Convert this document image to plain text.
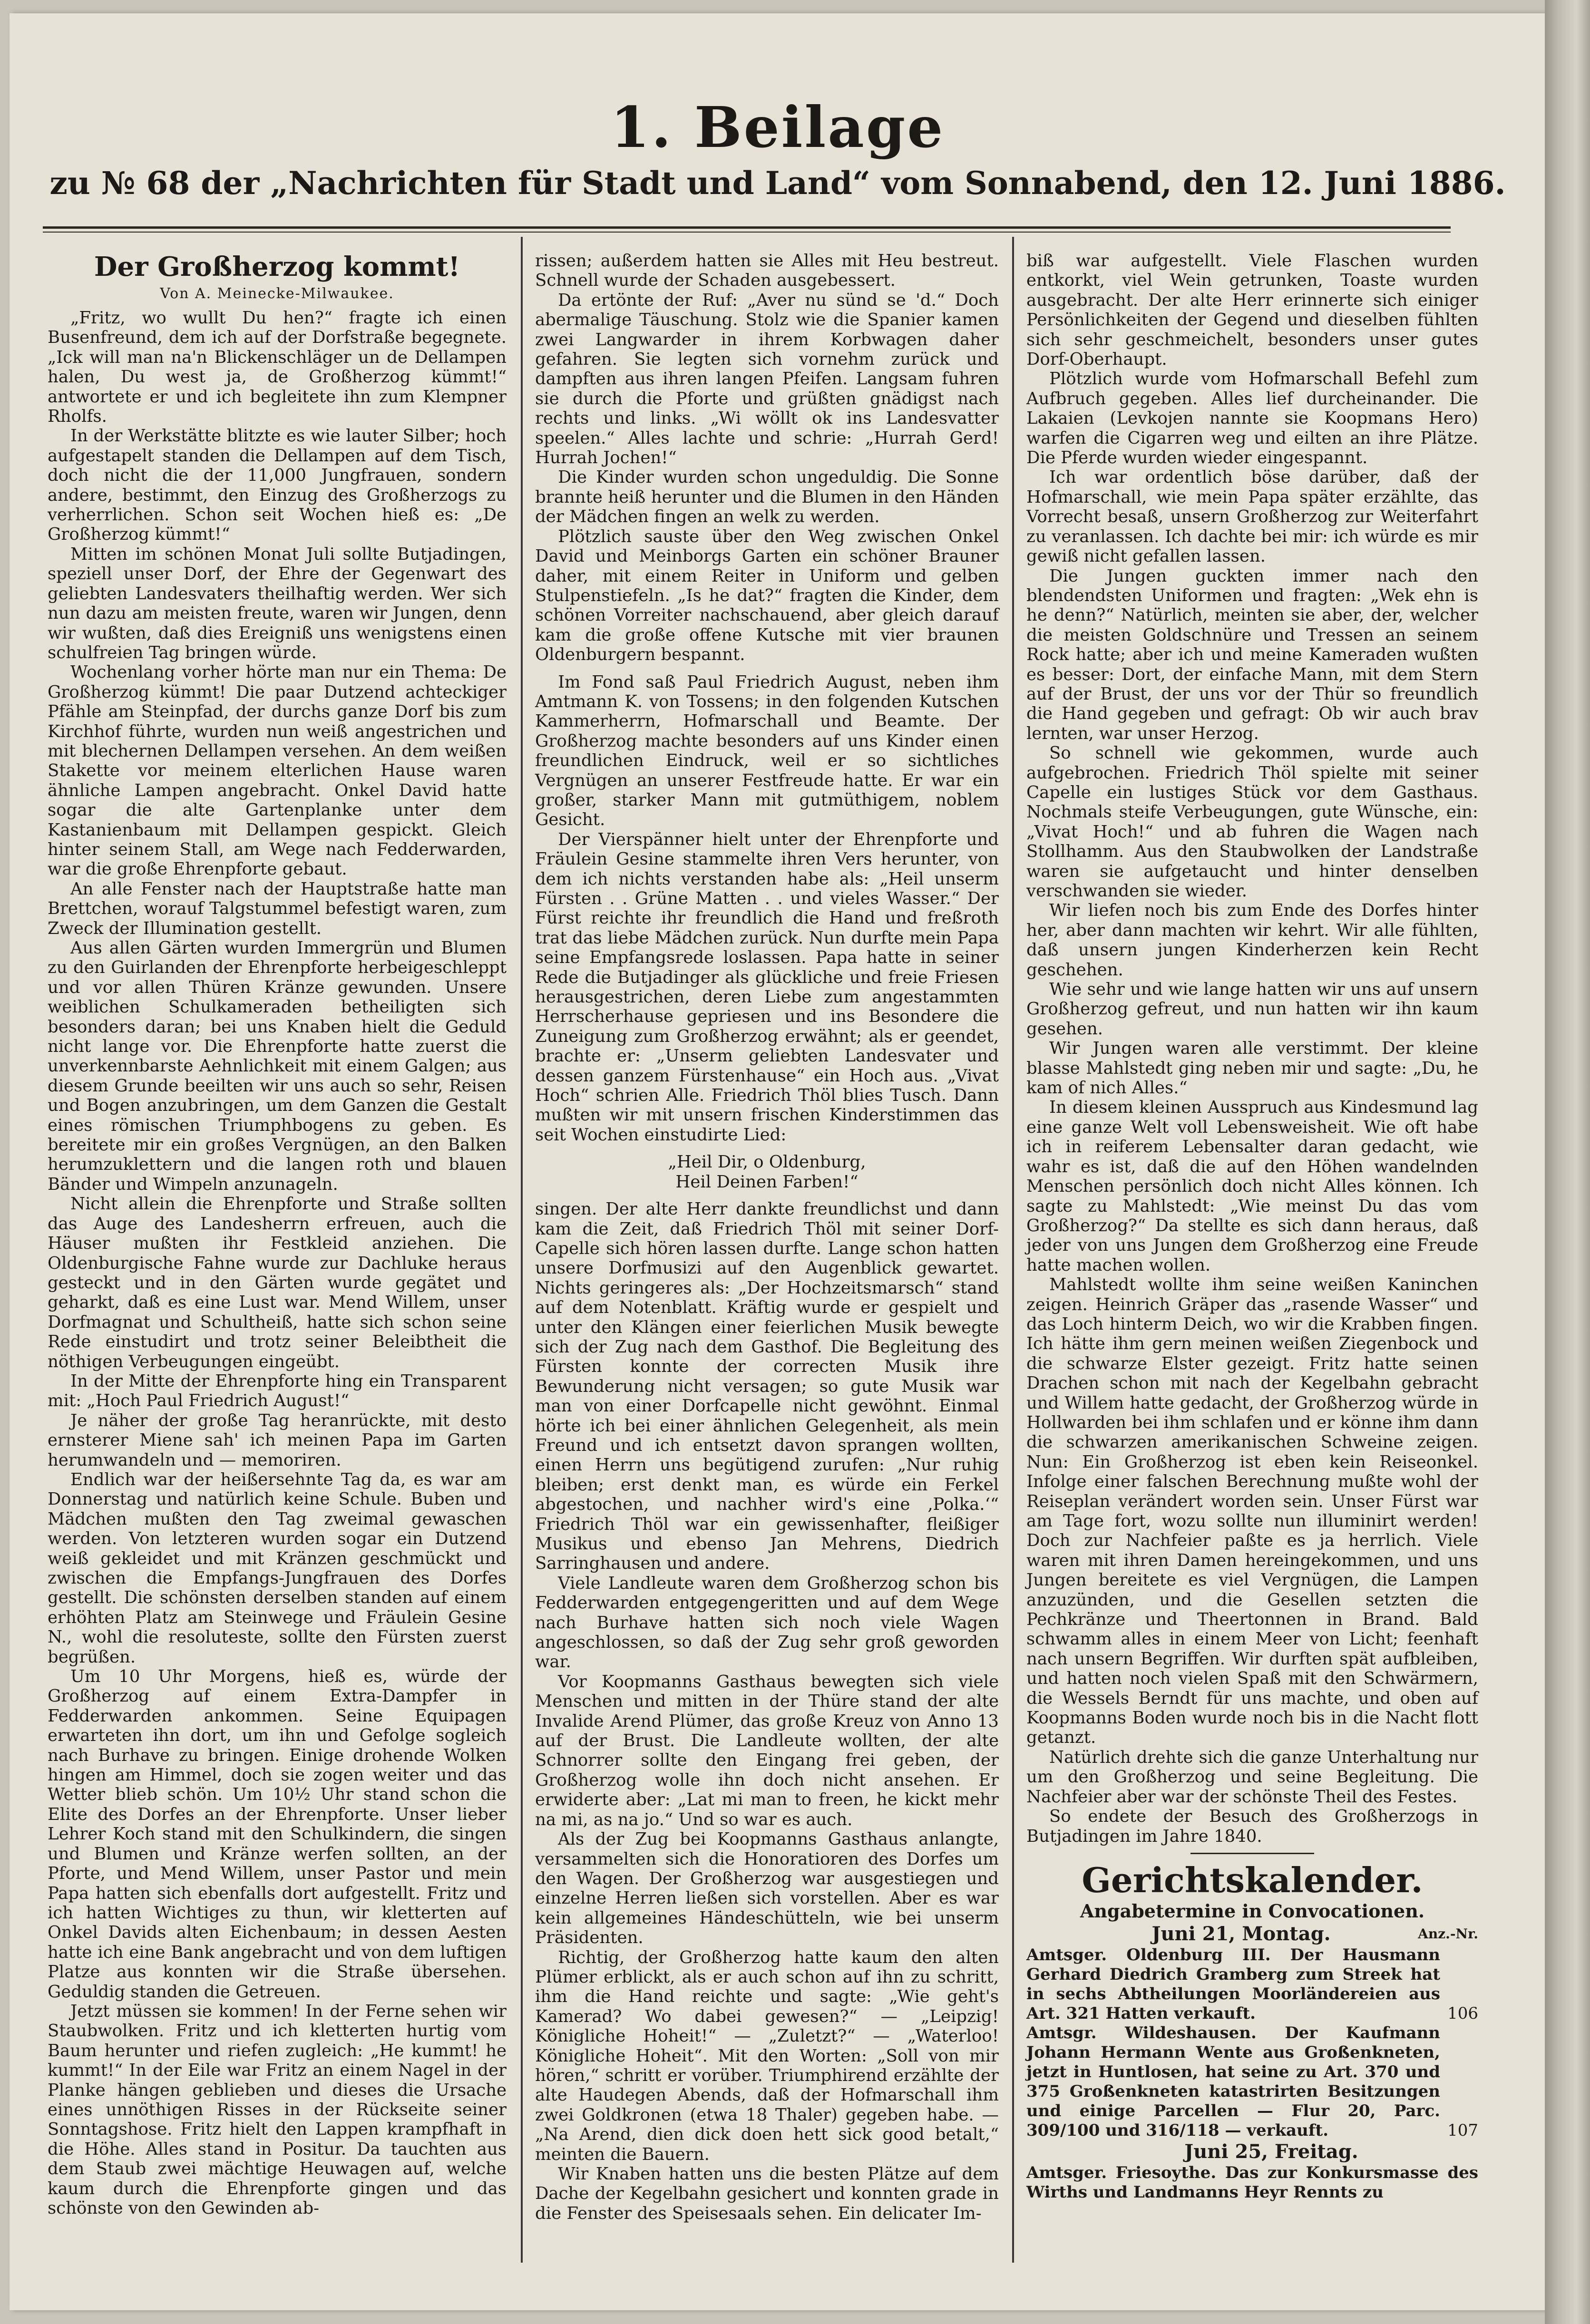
1. Beilage
zu № 68 der „Nachrichten für Stadt und Land“ vom Sonnabend, den 12. Juni 1886.
Der Großherzog kommt!
Von A. Meinecke-Milwaukee.

„Fritz, wo wullt Du hen?“ fragte ich einen Busenfreund, dem ich auf der Dorfstraße begegnete. „Ick will man na'n Blickenschläger un de Dellampen halen, Du west ja, de Großherzog kümmt!“ antwortete er und ich begleitete ihn zum Klempner Rholfs.

In der Werkstätte blitzte es wie lauter Silber; hoch aufgestapelt standen die Dellampen auf dem Tisch, doch nicht die der 11,000 Jungfrauen, sondern andere, bestimmt, den Einzug des Großherzogs zu verherrlichen. Schon seit Wochen hieß es: „De Großherzog kümmt!“

Mitten im schönen Monat Juli sollte Butjadingen, speziell unser Dorf, der Ehre der Gegenwart des geliebten Landesvaters theilhaftig werden. Wer sich nun dazu am meisten freute, waren wir Jungen, denn wir wußten, daß dies Ereigniß uns wenigstens einen schulfreien Tag bringen würde.

Wochenlang vorher hörte man nur ein Thema: De Großherzog kümmt! Die paar Dutzend achteckiger Pfähle am Steinpfad, der durchs ganze Dorf bis zum Kirchhof führte, wurden nun weiß angestrichen und mit blechernen Dellampen versehen. An dem weißen Stakette vor meinem elterlichen Hause waren ähnliche Lampen angebracht. Onkel David hatte sogar die alte Gartenplanke unter dem Kastanienbaum mit Dellampen gespickt. Gleich hinter seinem Stall, am Wege nach Fedderwarden, war die große Ehrenpforte gebaut.

An alle Fenster nach der Hauptstraße hatte man Brettchen, worauf Talgstummel befestigt waren, zum Zweck der Illumination gestellt.

Aus allen Gärten wurden Immergrün und Blumen zu den Guirlanden der Ehrenpforte herbeigeschleppt und vor allen Thüren Kränze gewunden. Unsere weiblichen Schulkameraden betheiligten sich besonders daran; bei uns Knaben hielt die Geduld nicht lange vor. Die Ehrenpforte hatte zuerst die unverkennbarste Aehnlichkeit mit einem Galgen; aus diesem Grunde beeilten wir uns auch so sehr, Reisen und Bogen anzubringen, um dem Ganzen die Gestalt eines römischen Triumphbogens zu geben. Es bereitete mir ein großes Vergnügen, an den Balken herumzuklettern und die langen roth und blauen Bänder und Wimpeln anzunageln.

Nicht allein die Ehrenpforte und Straße sollten das Auge des Landesherrn erfreuen, auch die Häuser mußten ihr Festkleid anziehen. Die Oldenburgische Fahne wurde zur Dachluke heraus gesteckt und in den Gärten wurde gegätet und geharkt, daß es eine Lust war. Mend Willem, unser Dorfmagnat und Schultheiß, hatte sich schon seine Rede einstudirt und trotz seiner Beleibtheit die nöthigen Verbeugungen eingeübt.

In der Mitte der Ehrenpforte hing ein Transparent mit: „Hoch Paul Friedrich August!“

Je näher der große Tag heranrückte, mit desto ernsterer Miene sah' ich meinen Papa im Garten herumwandeln und — memoriren.

Endlich war der heißersehnte Tag da, es war am Donnerstag und natürlich keine Schule. Buben und Mädchen mußten den Tag zweimal gewaschen werden. Von letzteren wurden sogar ein Dutzend weiß gekleidet und mit Kränzen geschmückt und zwischen die Empfangs-Jungfrauen des Dorfes gestellt. Die schönsten derselben standen auf einem erhöhten Platz am Steinwege und Fräulein Gesine N., wohl die resoluteste, sollte den Fürsten zuerst begrüßen.

Um 10 Uhr Morgens, hieß es, würde der Großherzog auf einem Extra-Dampfer in Fedderwarden ankommen. Seine Equipagen erwarteten ihn dort, um ihn und Gefolge sogleich nach Burhave zu bringen. Einige drohende Wolken hingen am Himmel, doch sie zogen weiter und das Wetter blieb schön. Um 10½ Uhr stand schon die Elite des Dorfes an der Ehrenpforte. Unser lieber Lehrer Koch stand mit den Schulkindern, die singen und Blumen und Kränze werfen sollten, an der Pforte, und Mend Willem, unser Pastor und mein Papa hatten sich ebenfalls dort aufgestellt. Fritz und ich hatten Wichtiges zu thun, wir kletterten auf Onkel Davids alten Eichenbaum; in dessen Aesten hatte ich eine Bank angebracht und von dem luftigen Platze aus konnten wir die Straße übersehen. Geduldig standen die Getreuen.

Jetzt müssen sie kommen! In der Ferne sehen wir Staubwolken. Fritz und ich kletterten hurtig vom Baum herunter und riefen zugleich: „He kummt! he kummt!“ In der Eile war Fritz an einem Nagel in der Planke hängen geblieben und dieses die Ursache eines unnöthigen Risses in der Rückseite seiner Sonntagshose. Fritz hielt den Lappen krampfhaft in die Höhe. Alles stand in Positur. Da tauchten aus dem Staub zwei mächtige Heuwagen auf, welche kaum durch die Ehrenpforte gingen und das schönste von den Gewinden ab-

rissen; außerdem hatten sie Alles mit Heu bestreut. Schnell wurde der Schaden ausgebessert.

Da ertönte der Ruf: „Aver nu sünd se 'd.“ Doch abermalige Täuschung. Stolz wie die Spanier kamen zwei Langwarder in ihrem Korbwagen daher gefahren. Sie legten sich vornehm zurück und dampften aus ihren langen Pfeifen. Langsam fuhren sie durch die Pforte und grüßten gnädigst nach rechts und links. „Wi wöllt ok ins Landesvatter speelen.“ Alles lachte und schrie: „Hurrah Gerd! Hurrah Jochen!“

Die Kinder wurden schon ungeduldig. Die Sonne brannte heiß herunter und die Blumen in den Händen der Mädchen fingen an welk zu werden.

Plötzlich sauste über den Weg zwischen Onkel David und Meinborgs Garten ein schöner Brauner daher, mit einem Reiter in Uniform und gelben Stulpenstiefeln. „Is he dat?“ fragten die Kinder, dem schönen Vorreiter nachschauend, aber gleich darauf kam die große offene Kutsche mit vier braunen Oldenburgern bespannt.

Im Fond saß Paul Friedrich August, neben ihm Amtmann K. von Tossens; in den folgenden Kutschen Kammerherrn, Hofmarschall und Beamte. Der Großherzog machte besonders auf uns Kinder einen freundlichen Eindruck, weil er so sichtliches Vergnügen an unserer Festfreude hatte. Er war ein großer, starker Mann mit gutmüthigem, noblem Gesicht.

Der Vierspänner hielt unter der Ehrenpforte und Fräulein Gesine stammelte ihren Vers herunter, von dem ich nichts verstanden habe als: „Heil unserm Fürsten . . Grüne Matten . . und vieles Wasser.“ Der Fürst reichte ihr freundlich die Hand und freßroth trat das liebe Mädchen zurück. Nun durfte mein Papa seine Empfangsrede loslassen. Papa hatte in seiner Rede die Butjadinger als glückliche und freie Friesen herausgestrichen, deren Liebe zum angestammten Herrscherhause gepriesen und ins Besondere die Zuneigung zum Großherzog erwähnt; als er geendet, brachte er: „Unserm geliebten Landesvater und dessen ganzem Fürstenhause“ ein Hoch aus. „Vivat Hoch“ schrien Alle. Friedrich Thöl blies Tusch. Dann mußten wir mit unsern frischen Kinderstimmen das seit Wochen einstudirte Lied:

„Heil Dir, o Oldenburg,

Heil Deinen Farben!“

singen. Der alte Herr dankte freundlichst und dann kam die Zeit, daß Friedrich Thöl mit seiner Dorf-Capelle sich hören lassen durfte. Lange schon hatten unsere Dorfmusizi auf den Augenblick gewartet. Nichts geringeres als: „Der Hochzeitsmarsch“ stand auf dem Notenblatt. Kräftig wurde er gespielt und unter den Klängen einer feierlichen Musik bewegte sich der Zug nach dem Gasthof. Die Begleitung des Fürsten konnte der correcten Musik ihre Bewunderung nicht versagen; so gute Musik war man von einer Dorfcapelle nicht gewöhnt. Einmal hörte ich bei einer ähnlichen Gelegenheit, als mein Freund und ich entsetzt davon sprangen wollten, einen Herrn uns begütigend zurufen: „Nur ruhig bleiben; erst denkt man, es würde ein Ferkel abgestochen, und nachher wird's eine ‚Polka.‘“ Friedrich Thöl war ein gewissenhafter, fleißiger Musikus und ebenso Jan Mehrens, Diedrich Sarringhausen und andere.

Viele Landleute waren dem Großherzog schon bis Fedderwarden entgegengeritten und auf dem Wege nach Burhave hatten sich noch viele Wagen angeschlossen, so daß der Zug sehr groß geworden war.

Vor Koopmanns Gasthaus bewegten sich viele Menschen und mitten in der Thüre stand der alte Invalide Arend Plümer, das große Kreuz von Anno 13 auf der Brust. Die Landleute wollten, der alte Schnorrer sollte den Eingang frei geben, der Großherzog wolle ihn doch nicht ansehen. Er erwiderte aber: „Lat mi man to freen, he kickt mehr na mi, as na jo.“ Und so war es auch.

Als der Zug bei Koopmanns Gasthaus anlangte, versammelten sich die Honoratioren des Dorfes um den Wagen. Der Großherzog war ausgestiegen und einzelne Herren ließen sich vorstellen. Aber es war kein allgemeines Händeschütteln, wie bei unserm Präsidenten.

Richtig, der Großherzog hatte kaum den alten Plümer erblickt, als er auch schon auf ihn zu schritt, ihm die Hand reichte und sagte: „Wie geht's Kamerad? Wo dabei gewesen?“ — „Leipzig! Königliche Hoheit!“ — „Zuletzt?“ — „Waterloo! Königliche Hoheit“. Mit den Worten: „Soll von mir hören,“ schritt er vorüber. Triumphirend erzählte der alte Haudegen Abends, daß der Hofmarschall ihm zwei Goldkronen (etwa 18 Thaler) gegeben habe. — „Na Arend, dien dick doen hett sick good betalt,“ meinten die Bauern.

Wir Knaben hatten uns die besten Plätze auf dem Dache der Kegelbahn gesichert und konnten grade in die Fenster des Speisesaals sehen. Ein delicater Im-

biß war aufgestellt. Viele Flaschen wurden entkorkt, viel Wein getrunken, Toaste wurden ausgebracht. Der alte Herr erinnerte sich einiger Persönlichkeiten der Gegend und dieselben fühlten sich sehr geschmeichelt, besonders unser gutes Dorf-Oberhaupt.

Plötzlich wurde vom Hofmarschall Befehl zum Aufbruch gegeben. Alles lief durcheinander. Die Lakaien (Levkojen nannte sie Koopmans Hero) warfen die Cigarren weg und eilten an ihre Plätze. Die Pferde wurden wieder eingespannt.

Ich war ordentlich böse darüber, daß der Hofmarschall, wie mein Papa später erzählte, das Vorrecht besaß, unsern Großherzog zur Weiterfahrt zu veranlassen. Ich dachte bei mir: ich würde es mir gewiß nicht gefallen lassen.

Die Jungen guckten immer nach den blendendsten Uniformen und fragten: „Wek ehn is he denn?“ Natürlich, meinten sie aber, der, welcher die meisten Goldschnüre und Tressen an seinem Rock hatte; aber ich und meine Kameraden wußten es besser: Dort, der einfache Mann, mit dem Stern auf der Brust, der uns vor der Thür so freundlich die Hand gegeben und gefragt: Ob wir auch brav lernten, war unser Herzog.

So schnell wie gekommen, wurde auch aufgebrochen. Friedrich Thöl spielte mit seiner Capelle ein lustiges Stück vor dem Gasthaus. Nochmals steife Verbeugungen, gute Wünsche, ein: „Vivat Hoch!“ und ab fuhren die Wagen nach Stollhamm. Aus den Staubwolken der Landstraße waren sie aufgetaucht und hinter denselben verschwanden sie wieder.

Wir liefen noch bis zum Ende des Dorfes hinter her, aber dann machten wir kehrt. Wir alle fühlten, daß unsern jungen Kinderherzen kein Recht geschehen.

Wie sehr und wie lange hatten wir uns auf unsern Großherzog gefreut, und nun hatten wir ihn kaum gesehen.

Wir Jungen waren alle verstimmt. Der kleine blasse Mahlstedt ging neben mir und sagte: „Du, he kam of nich Alles.“

In diesem kleinen Ausspruch aus Kindesmund lag eine ganze Welt voll Lebensweisheit. Wie oft habe ich in reiferem Lebensalter daran gedacht, wie wahr es ist, daß die auf den Höhen wandelnden Menschen persönlich doch nicht Alles können. Ich sagte zu Mahlstedt: „Wie meinst Du das vom Großherzog?“ Da stellte es sich dann heraus, daß jeder von uns Jungen dem Großherzog eine Freude hatte machen wollen.

Mahlstedt wollte ihm seine weißen Kaninchen zeigen. Heinrich Gräper das „rasende Wasser“ und das Loch hinterm Deich, wo wir die Krabben fingen. Ich hätte ihm gern meinen weißen Ziegenbock und die schwarze Elster gezeigt. Fritz hatte seinen Drachen schon mit nach der Kegelbahn gebracht und Willem hatte gedacht, der Großherzog würde in Hollwarden bei ihm schlafen und er könne ihm dann die schwarzen amerikanischen Schweine zeigen. Nun: Ein Großherzog ist eben kein Reiseonkel. Infolge einer falschen Berechnung mußte wohl der Reiseplan verändert worden sein. Unser Fürst war am Tage fort, wozu sollte nun illuminirt werden! Doch zur Nachfeier paßte es ja herrlich. Viele waren mit ihren Damen hereingekommen, und uns Jungen bereitete es viel Vergnügen, die Lampen anzuzünden, und die Gesellen setzten die Pechkränze und Theertonnen in Brand. Bald schwamm alles in einem Meer von Licht; feenhaft nach unsern Begriffen. Wir durften spät aufbleiben, und hatten noch vielen Spaß mit den Schwärmern, die Wessels Berndt für uns machte, und oben auf Koopmanns Boden wurde noch bis in die Nacht flott getanzt.

Natürlich drehte sich die ganze Unterhaltung nur um den Großherzog und seine Begleitung. Die Nachfeier aber war der schönste Theil des Festes.

So endete der Besuch des Großherzogs in Butjadingen im Jahre 1840.

Gerichtskalender.
Angabetermine in Convocationen.
Juni 21, Montag.	Anz.-Nr.
Amtsger. Oldenburg III. Der Hausmann Gerhard Diedrich Gramberg zum Streek hat in sechs Abtheilungen Moorländereien aus Art. 321 Hatten verkauft.	106
Amtsgr. Wildeshausen. Der Kaufmann Johann Hermann Wente aus Großenkneten, jetzt in Huntlosen, hat seine zu Art. 370 und 375 Großenkneten katastrirten Besitzungen und einige Parcellen — Flur 20, Parc. 309/100 und 316/118 — verkauft.	107
Juni 25, Freitag.
Amtsger. Friesoythe. Das zur Konkursmasse des Wirths und Landmanns Heyr Rennts zu
